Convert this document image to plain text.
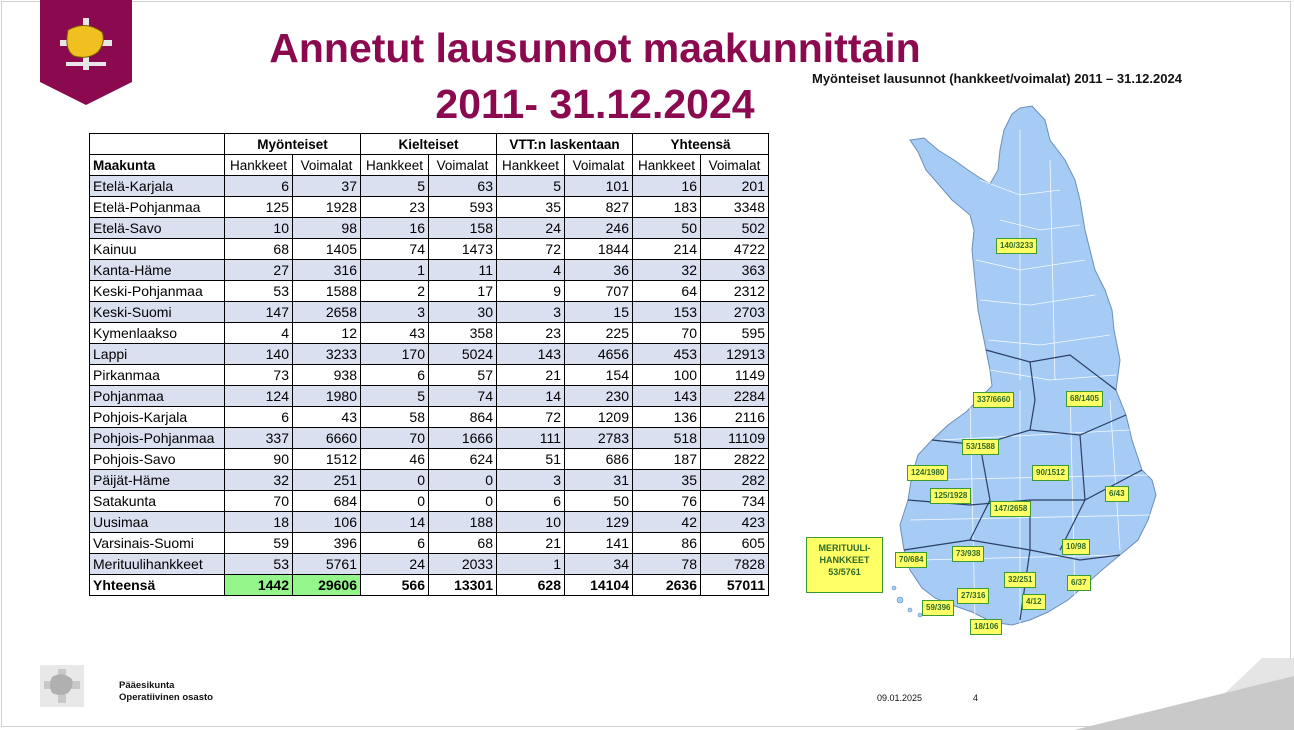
Annetut lausunnot maakunnittain
2011- 31.12.2024
Myönteiset lausunnot (hankkeet/voimalat) 2011 – 31.12.2024
	Myönteiset		Kielteiset		VTT:n laskentaan		Yhteensä	
Maakunta	Hankkeet	Voimalat	Hankkeet	Voimalat	Hankkeet	Voimalat	Hankkeet	Voimalat
Etelä-Karjala	6	37	5	63	5	101	16	201
Etelä-Pohjanmaa	125	1928	23	593	35	827	183	3348
Etelä-Savo	10	98	16	158	24	246	50	502
Kainuu	68	1405	74	1473	72	1844	214	4722
Kanta-Häme	27	316	1	11	4	36	32	363
Keski-Pohjanmaa	53	1588	2	17	9	707	64	2312
Keski-Suomi	147	2658	3	30	3	15	153	2703
Kymenlaakso	4	12	43	358	23	225	70	595
Lappi	140	3233	170	5024	143	4656	453	12913
Pirkanmaa	73	938	6	57	21	154	100	1149
Pohjanmaa	124	1980	5	74	14	230	143	2284
Pohjois-Karjala	6	43	58	864	72	1209	136	2116
Pohjois-Pohjanmaa	337	6660	70	1666	111	2783	518	11109
Pohjois-Savo	90	1512	46	624	51	686	187	2822
Päijät-Häme	32	251	0	0	3	31	35	282
Satakunta	70	684	0	0	6	50	76	734
Uusimaa	18	106	14	188	10	129	42	423
Varsinais-Suomi	59	396	6	68	21	141	86	605
Merituulihankkeet	53	5761	24	2033	1	34	78	7828
Yhteensä	1442	29606	566	13301	628	14104	2636	57011
140/3233
337/6660	68/1405
53/1588
124/1980	90/1512
125/1928
147/2658
6/43
10/98
70/684
73/938
32/251	6/37
27/316
4/12
59/396
18/106
MERITUULI-
HANKKEET
53/5761
Pääesikunta
Operatiivinen osasto	09.01.2025	4
